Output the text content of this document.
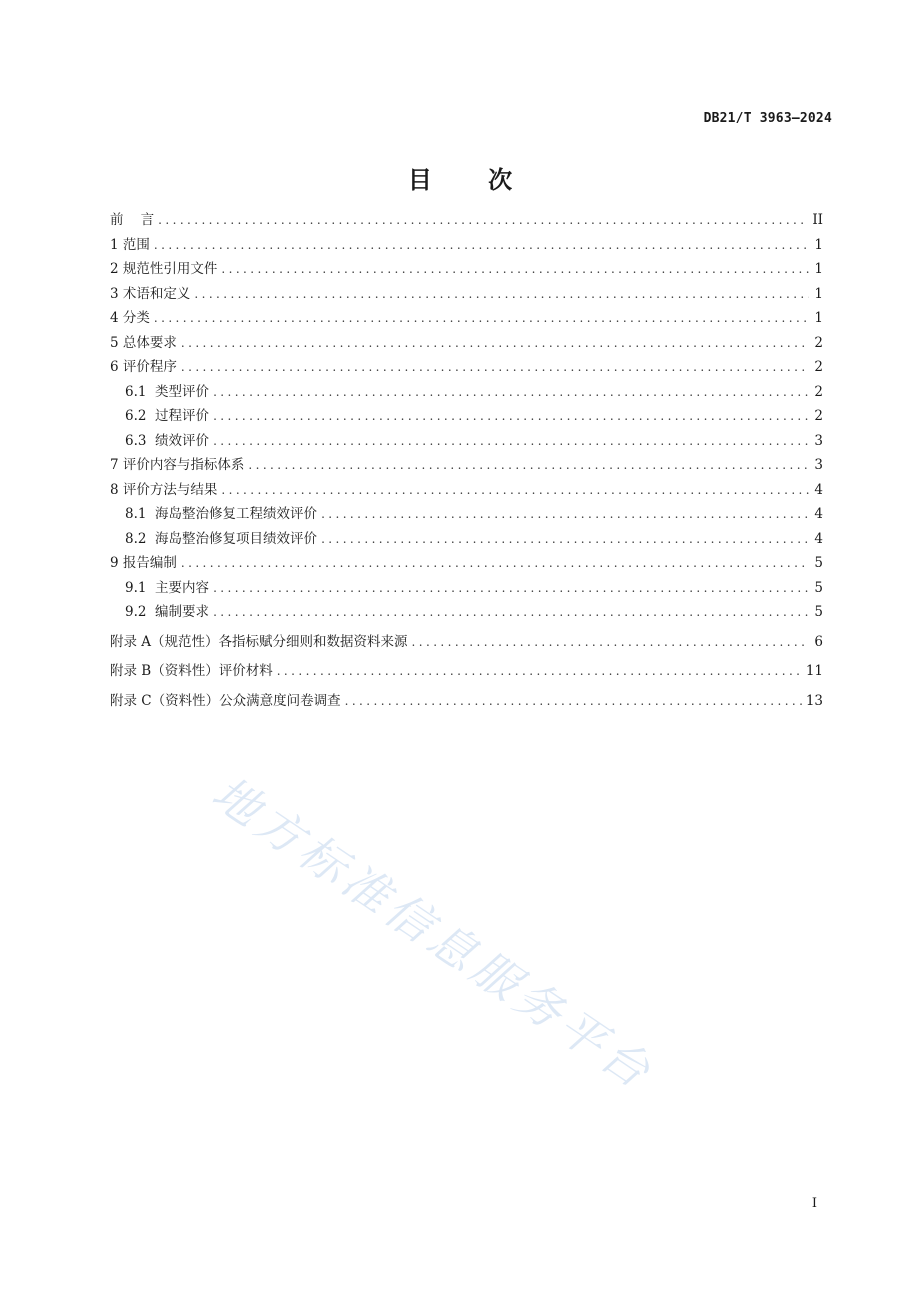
DB21/T 3963—2024
目 次
前    言 .....	II
1 范围 .....	1
2 规范性引用文件 .....	1
3 术语和定义 .....	1
4 分类 .....	1
5 总体要求 .....	2
6 评价程序 .....	2
6.1  类型评价 .....	2
6.2  过程评价 .....	2
6.3  绩效评价 .....	3
7 评价内容与指标体系 .....	3
8 评价方法与结果 .....	4
8.1  海岛整治修复工程绩效评价 .....	4
8.2  海岛整治修复项目绩效评价 .....	4
9 报告编制 .....	5
9.1  主要内容 .....	5
9.2  编制要求 .....	5
附录 A（规范性）各指标赋分细则和数据资料来源 .....	6
附录 B（资料性）评价材料 .....	11
附录 C（资料性）公众满意度问卷调查 .....	13
地方标准信息服务平台
I
